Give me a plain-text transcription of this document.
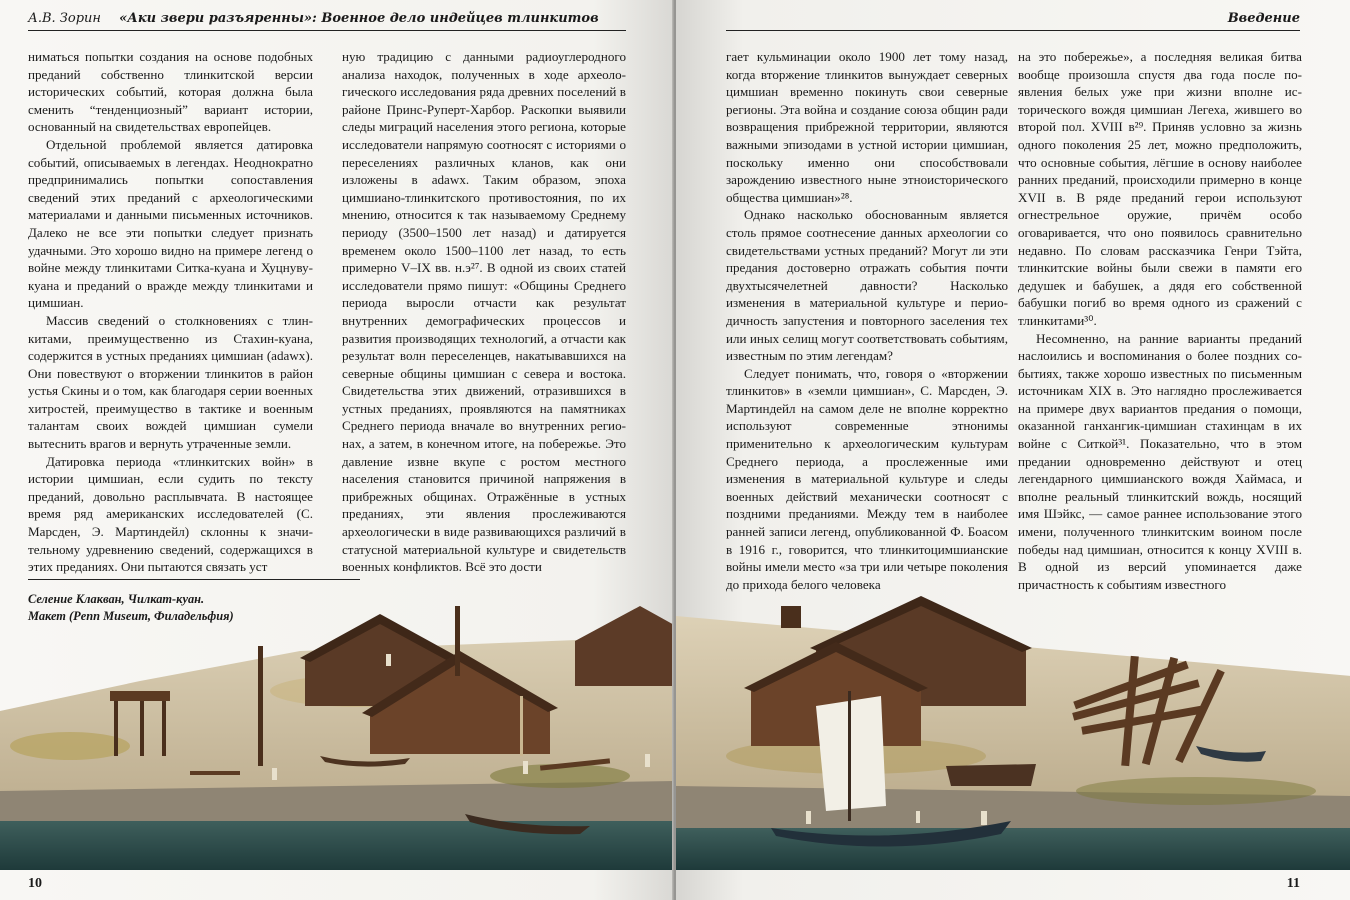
А.В. Зорин «Аки звери разъяренны»: Военное дело индейцев тлинкитов

ниматься попытки создания на основе подобных преданий собственно тлинкитской версии исторических событий, которая должна была сменить “тенденциозный” вариант истории, основанный на свидетельствах европейцев.

Отдельной проблемой является датировка событий, описываемых в легендах. Неоднократно предпринимались попытки сопоставления сведений этих преданий с археологическими материалами и данными письменных источников. Далеко не все эти попытки следует признать удачными. Это хорошо видно на примере легенд о войне между тлинкитами Ситка-куана и Хуцнуву-куана и преданий о вражде между тлинкитами и цимшиан.

Массив сведений о столкновениях с тлинкитами, преимущественно из Стахин-куана, содержится в устных преданиях цимшиан (adawx). Они повествуют о вторжении тлинкитов в район устья Скины и о том, как благодаря серии военных хитростей, преимущество в тактике и военным талантам своих вождей цимшиан сумели вытеснить врагов и вернуть утраченные земли.

Датировка периода «тлинкитских войн» в истории цимшиан, если судить по тексту преданий, довольно расплывчата. В настоящее время ряд американских исследователей (С. Марсден, Э. Мартиндейл) склонны к значительному удревнению сведений, содержащихся в этих преданиях. Они пытаются связать уст

ную традицию с данными радиоуглеродного анализа находок, полученных в ходе археологического исследования ряда древних поселений в районе Принс-Руперт-Харбор. Раскопки выявили следы миграций населения этого региона, которые исследователи напрямую соотносят с историями о переселениях различных кланов, как они изложены в adawx. Таким образом, эпоха цимшиано-тлинкитского противостояния, по их мнению, относится к так называемому Среднему периоду (3500–1500 лет назад) и датируется временем около 1500–1100 лет назад, то есть примерно V–IX вв. н.э²⁷. В одной из своих статей исследователи прямо пишут: «Общины Среднего периода выросли отчасти как результат внутренних демографических процессов и развития производящих технологий, а отчасти как результат волн переселенцев, накатывавшихся на северные общины цимшиан с севера и востока. Свидетельства этих движений, отразившихся в устных преданиях, проявляются на памятниках Среднего периода вначале во внутренних регионах, а затем, в конечном итоге, на побережье. Это давление извне вкупе с ростом местного населения становится причиной напряжения в прибрежных общинах. Отражённые в устных преданиях, эти явления прослеживаются археологически в виде развивающихся различий в статусной материальной культуре и свидетельств военных конфликтов. Всё это дости

Селение Клакван, Чилкат-куан.
Макет (Penn Museum, Филадельфия)
10
Введение

гает кульминации около 1900 лет тому назад, когда вторжение тлинкитов вынуждает северных цимшиан временно покинуть свои северные регионы. Эта война и создание союза общин ради возвращения прибрежной территории, являются важными эпизодами в устной истории цимшиан, поскольку именно они способствовали зарождению известного ныне этноисторического общества цимшиан»²⁸.

Однако насколько обоснованным является столь прямое соотнесение данных археологии со свидетельствами устных преданий? Могут ли эти предания достоверно отражать события почти двухтысячелетней давности? Насколько изменения в материальной культуре и периодичность запустения и повторного заселения тех или иных селищ могут соответствовать событиям, известным по этим легендам?

Следует понимать, что, говоря о «вторжении тлинкитов» в «земли цимшиан», С. Марсден, Э. Мартиндейл на самом деле не вполне корректно используют современные этнонимы применительно к археологическим культурам Среднего периода, а прослеженные ими изменения в материальной культуре и следы военных действий механически соотносят с поздними преданиями. Между тем в наиболее ранней записи легенд, опубликованной Ф. Боасом в 1916 г., говорится, что тлинкитоцимшианские войны имели место «за три или четыре поколения до прихода белого человека

на это побережье», а последняя великая битва вообще произошла спустя два года после появления белых уже при жизни вполне исторического вождя цимшиан Легеха, жившего во второй пол. XVIII в²⁹. Приняв условно за жизнь одного поколения 25 лет, можно предположить, что основные события, лёгшие в основу наиболее ранних преданий, происходили примерно в конце XVII в. В ряде преданий герои используют огнестрельное оружие, причём особо оговаривается, что оно появилось сравнительно недавно. По словам рассказчика Генри Тэйта, тлинкитские войны были свежи в памяти его дедушек и бабушек, а дядя его собственной бабушки погиб во время одного из сражений с тлинкитами³⁰.

Несомненно, на ранние варианты преданий наслоились и воспоминания о более поздних событиях, также хорошо известных по письменным источникам XIX в. Это наглядно прослеживается на примере двух вариантов предания о помощи, оказанной ганхангик-цимшиан стахинцам в их войне с Ситкой³¹. Показательно, что в этом предании одновременно действуют и отец легендарного цимшианского вождя Хаймаса, и вполне реальный тлинкитский вождь, носящий имя Шэйкс, — самое раннее использование этого имени, полученного тлинкитским воином после победы над цимшиан, относится к концу XVIII в. В одной из версий упоминается даже причастность к событиям известного

11
